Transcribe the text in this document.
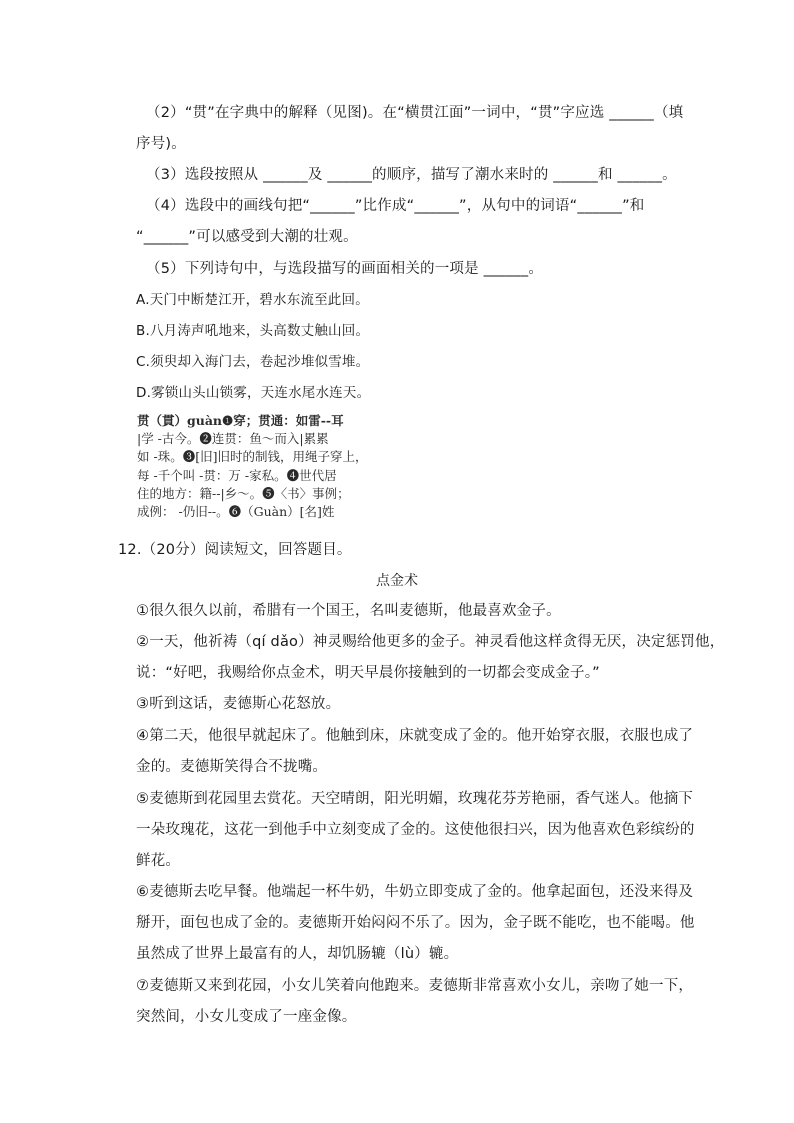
（2）“贯”在字典中的解释（见图)。在“横贯江面”一词中，“贯”字应选 ______（填
序号)。
（3）选段按照从 ______及 ______的顺序，描写了潮水来时的 ______和 ______。
（4）选段中的画线句把“______”比作成“______”，从句中的词语“______”和
“______”可以感受到大潮的壮观。
（5）下列诗句中，与选段描写的画面相关的一项是 ______。
A.天门中断楚江开，碧水东流至此回。
B.八月涛声吼地来，头高数丈触山回。
C.须臾却入海门去，卷起沙堆似雪堆。
D.雾锁山头山锁雾，天连水尾水连天。
贯（貫）guàn❶穿；贯通：如雷--耳
|学 -古今。❷连贯：鱼～而入|累累
如 -珠。❸[旧]旧时的制钱，用绳子穿上，
每 -千个叫 -贯：万 -家私。❹世代居
住的地方：籍--|乡～。❺〈书〉事例；
成例： -仍旧--。❻（Guàn）[名]姓
12.（20分）阅读短文，回答题目。
点金术
①很久很久以前，希腊有一个国王，名叫麦德斯，他最喜欢金子。
②一天，他祈祷（qí dǎo）神灵赐给他更多的金子。神灵看他这样贪得无厌，决定惩罚他，
说：“好吧，我赐给你点金术，明天早晨你接触到的一切都会变成金子。”
③听到这话，麦德斯心花怒放。
④第二天，他很早就起床了。他触到床，床就变成了金的。他开始穿衣服，衣服也成了
金的。麦德斯笑得合不拢嘴。
⑤麦德斯到花园里去赏花。天空晴朗，阳光明媚，玫瑰花芬芳艳丽，香气迷人。他摘下
一朵玫瑰花，这花一到他手中立刻变成了金的。这使他很扫兴，因为他喜欢色彩缤纷的
鲜花。
⑥麦德斯去吃早餐。他端起一杯牛奶，牛奶立即变成了金的。他拿起面包，还没来得及
掰开，面包也成了金的。麦德斯开始闷闷不乐了。因为，金子既不能吃，也不能喝。他
虽然成了世界上最富有的人，却饥肠辘（lù）辘。
⑦麦德斯又来到花园，小女儿笑着向他跑来。麦德斯非常喜欢小女儿，亲吻了她一下，
突然间，小女儿变成了一座金像。
